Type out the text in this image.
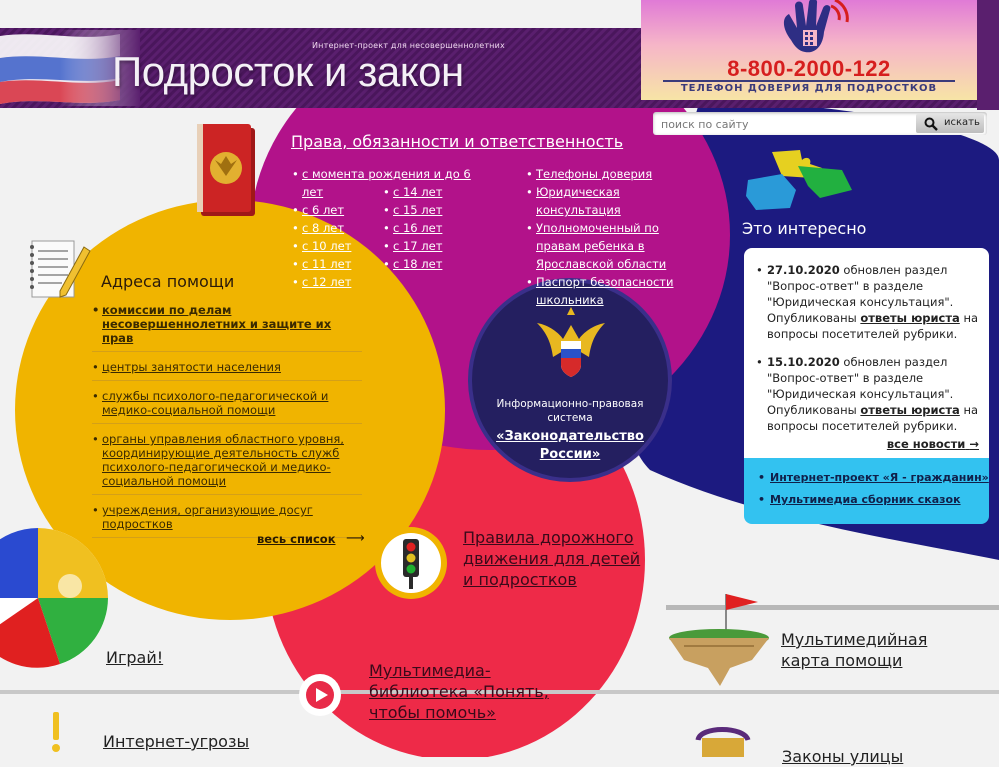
Интернет-проект для несовершеннолетних
Подросток и закон	8-800-2000-122
ТЕЛЕФОН ДОВЕРИЯ ДЛЯ ПОДРОСТКОВ
поиск по сайту
искать
Права, обязанности и ответственность
• с момента рождения и до 6 лет
• с 6 лет
• с 8 лет
• с 10 лет
• с 11 лет
• с 12 лет
• с 14 лет
• с 15 лет
• с 16 лет
• с 17 лет
• с 18 лет
• Телефоны доверия
• Юридическая консультация
• Уполномоченный по правам ребенка в Ярославской области
• Паспорт безопасности школьника
Адреса помощи
• комиссии по делам несовершеннолетних и защите их прав
• центры занятости населения
• службы психолого-педагогической и медико-социальной помощи
• органы управления областного уровня, координирующие деятельность служб психолого-педагогической и медико-социальной помощи
• учреждения, организующие досуг подростков
весь список ⟶
Информационно-правовая система
«Законодательство России»
Это интересно
• 27.10.2020 обновлен раздел "Вопрос-ответ" в разделе "Юридическая консультация". Опубликованы ответы юриста на вопросы посетителей рубрики.
• 15.10.2020 обновлен раздел "Вопрос-ответ" в разделе "Юридическая консультация". Опубликованы ответы юриста на вопросы посетителей рубрики.
все новости →
• Интернет-проект «Я - гражданин»
• Мультимедиа сборник сказок
Правила дорожного движения для детей и подростков
Играй!
Мультимедиа-библиотека «Понять, чтобы помочь»
Интернет-угрозы
Мультимедийная карта помощи
Законы улицы
